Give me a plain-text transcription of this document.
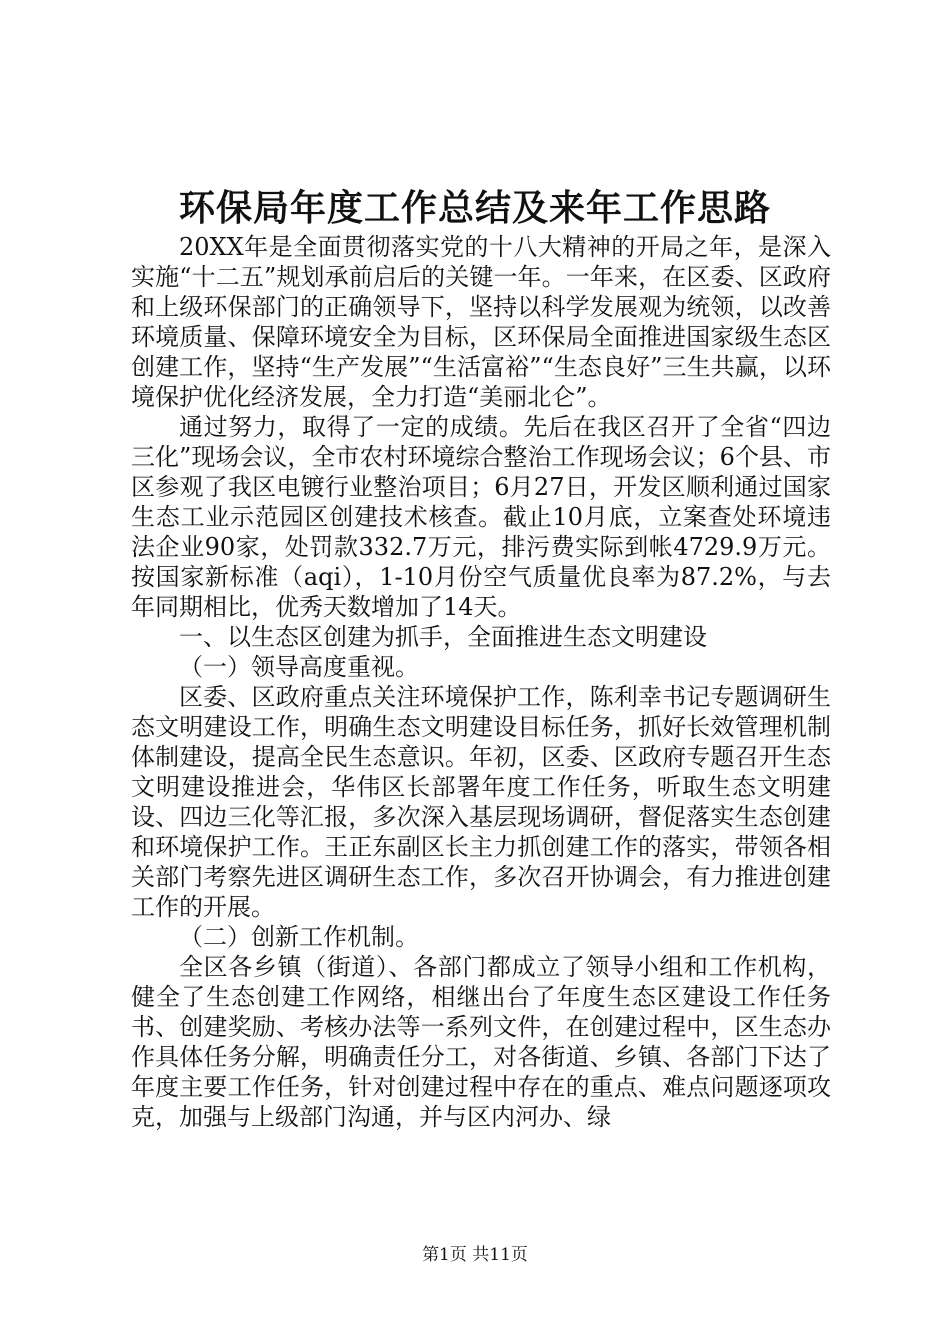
环保局年度工作总结及来年工作思路

20XX年是全面贯彻落实党的十八大精神的开局之年，是深入实施“十二五”规划承前启后的关键一年。一年来，在区委、区政府和上级环保部门的正确领导下，坚持以科学发展观为统领，以改善环境质量、保障环境安全为目标，区环保局全面推进国家级生态区创建工作，坚持“生产发展”“生活富裕”“生态良好”三生共赢，以环境保护优化经济发展，全力打造“美丽北仑”。

通过努力，取得了一定的成绩。先后在我区召开了全省“四边三化”现场会议，全市农村环境综合整治工作现场会议；6个县、市区参观了我区电镀行业整治项目；6月27日，开发区顺利通过国家生态工业示范园区创建技术核查。截止10月底，立案查处环境违法企业90家，处罚款332.7万元，排污费实际到帐4729.9万元。按国家新标准（aqi），1-10月份空气质量优良率为87.2%，与去年同期相比，优秀天数增加了14天。

一、以生态区创建为抓手，全面推进生态文明建设

（一）领导高度重视。

区委、区政府重点关注环境保护工作，陈利幸书记专题调研生态文明建设工作，明确生态文明建设目标任务，抓好长效管理机制体制建设，提高全民生态意识。年初，区委、区政府专题召开生态文明建设推进会，华伟区长部署年度工作任务，听取生态文明建设、四边三化等汇报，多次深入基层现场调研，督促落实生态创建和环境保护工作。王正东副区长主力抓创建工作的落实，带领各相关部门考察先进区调研生态工作，多次召开协调会，有力推进创建工作的开展。

（二）创新工作机制。

全区各乡镇（街道）、各部门都成立了领导小组和工作机构，健全了生态创建工作网络，相继出台了年度生态区建设工作任务书、创建奖励、考核办法等一系列文件，在创建过程中，区生态办作具体任务分解，明确责任分工，对各街道、乡镇、各部门下达了年度主要工作任务，针对创建过程中存在的重点、难点问题逐项攻克，加强与上级部门沟通，并与区内河办、绿

第1页 共11页
